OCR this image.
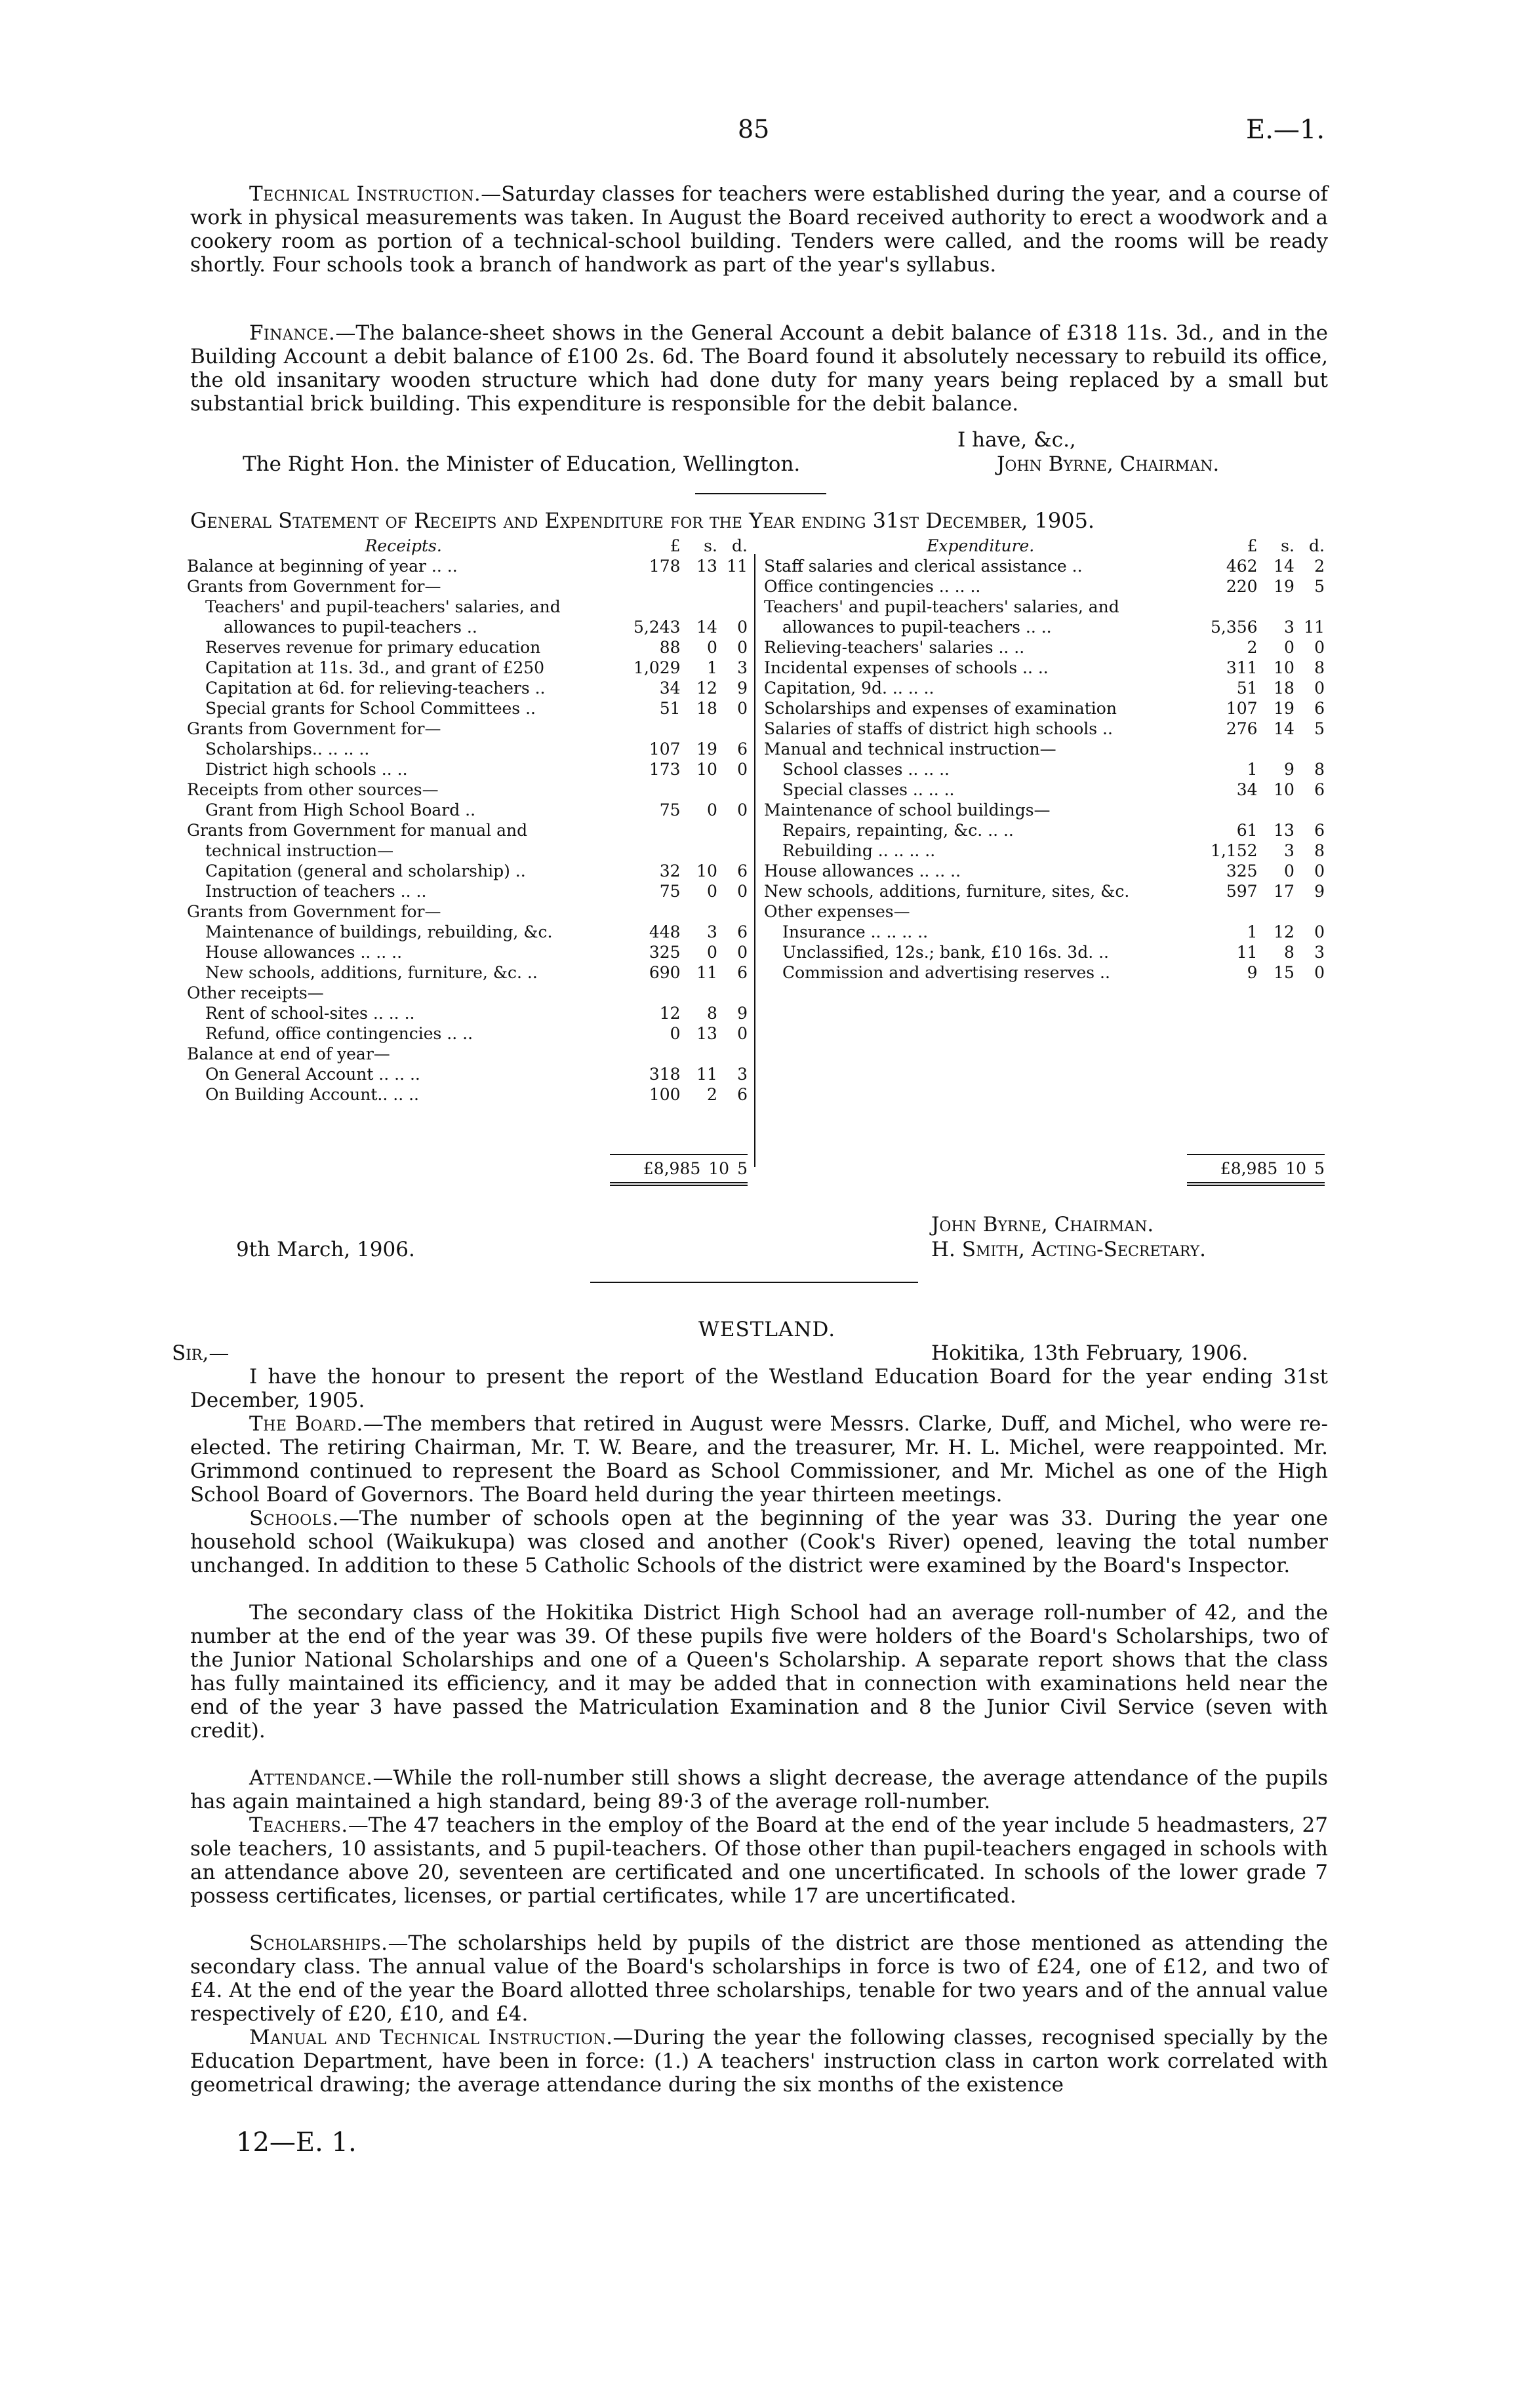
85	E.—1.

Technical Instruction.—Saturday classes for teachers were established during the year, and a course of work in physical measurements was taken. In August the Board received authority to erect a woodwork and a cookery room as portion of a technical-school building. Tenders were called, and the rooms will be ready shortly. Four schools took a branch of handwork as part of the year's syllabus.

Finance.—The balance-sheet shows in the General Account a debit balance of £318 11s. 3d., and in the Building Account a debit balance of £100 2s. 6d. The Board found it absolutely necessary to rebuild its office, the old insanitary wooden structure which had done duty for many years being replaced by a small but substantial brick building. This expenditure is responsible for the debit balance.

I have, &c.,
The Right Hon. the Minister of Education, Wellington.	John Byrne, Chairman.
General Statement of Receipts and Expenditure for the Year ending 31st December, 1905.
Receipts.	£	s.	d.
Balance at beginning of year .. ..	178	13	11
Grants from Government for—			
Teachers' and pupil-teachers' salaries, and			
allowances to pupil-teachers ..	5,243	14	0
Reserves revenue for primary education	88	0	0
Capitation at 11s. 3d., and grant of £250	1,029	1	3
Capitation at 6d. for relieving-teachers ..	34	12	9
Special grants for School Committees ..	51	18	0
Grants from Government for—			
Scholarships.. .. .. ..	107	19	6
District high schools .. ..	173	10	0
Receipts from other sources—			
Grant from High School Board ..	75	0	0
Grants from Government for manual and			
technical instruction—			
Capitation (general and scholarship) ..	32	10	6
Instruction of teachers .. ..	75	0	0
Grants from Government for—			
Maintenance of buildings, rebuilding, &c.	448	3	6
House allowances .. .. ..	325	0	0
New schools, additions, furniture, &c. ..	690	11	6
Other receipts—			
Rent of school-sites .. .. ..	12	8	9
Refund, office contingencies .. ..	0	13	0
Balance at end of year—			
On General Account .. .. ..	318	11	3
On Building Account.. .. ..	100	2	6
Expenditure.	£	s.	d.
Staff salaries and clerical assistance ..	462	14	2
Office contingencies .. .. ..	220	19	5
Teachers' and pupil-teachers' salaries, and			
allowances to pupil-teachers .. ..	5,356	3	11
Relieving-teachers' salaries .. ..	2	0	0
Incidental expenses of schools .. ..	311	10	8
Capitation, 9d. .. .. ..	51	18	0
Scholarships and expenses of examination	107	19	6
Salaries of staffs of district high schools ..	276	14	5
Manual and technical instruction—			
School classes .. .. ..	1	9	8
Special classes .. .. ..	34	10	6
Maintenance of school buildings—			
Repairs, repainting, &c. .. ..	61	13	6
Rebuilding .. .. .. ..	1,152	3	8
House allowances .. .. ..	325	0	0
New schools, additions, furniture, sites, &c.	597	17	9
Other expenses—			
Insurance .. .. .. ..	1	12	0
Unclassified, 12s.; bank, £10 16s. 3d. ..	11	8	3
Commission and advertising reserves ..	9	15	0
£8,985 10 5	£8,985 10 5
John Byrne, Chairman.
9th March, 1906.	H. Smith, Acting-Secretary.
WESTLAND.
Sir,—	Hokitika, 13th February, 1906.

I have the honour to present the report of the Westland Education Board for the year ending 31st December, 1905.

The Board.—The members that retired in August were Messrs. Clarke, Duff, and Michel, who were re-elected. The retiring Chairman, Mr. T. W. Beare, and the treasurer, Mr. H. L. Michel, were reappointed. Mr. Grimmond continued to represent the Board as School Commissioner, and Mr. Michel as one of the High School Board of Governors. The Board held during the year thirteen meetings.

Schools.—The number of schools open at the beginning of the year was 33. During the year one household school (Waikukupa) was closed and another (Cook's River) opened, leaving the total number unchanged. In addition to these 5 Catholic Schools of the district were examined by the Board's Inspector.

The secondary class of the Hokitika District High School had an average roll-number of 42, and the number at the end of the year was 39. Of these pupils five were holders of the Board's Scholarships, two of the Junior National Scholarships and one of a Queen's Scholarship. A separate report shows that the class has fully maintained its efficiency, and it may be added that in connection with examinations held near the end of the year 3 have passed the Matriculation Examination and 8 the Junior Civil Service (seven with credit).

Attendance.—While the roll-number still shows a slight decrease, the average attendance of the pupils has again maintained a high standard, being 89·3 of the average roll-number.

Teachers.—The 47 teachers in the employ of the Board at the end of the year include 5 headmasters, 27 sole teachers, 10 assistants, and 5 pupil-teachers. Of those other than pupil-teachers engaged in schools with an attendance above 20, seventeen are certificated and one uncertificated. In schools of the lower grade 7 possess certificates, licenses, or partial certificates, while 17 are uncertificated.

Scholarships.—The scholarships held by pupils of the district are those mentioned as attending the secondary class. The annual value of the Board's scholarships in force is two of £24, one of £12, and two of £4. At the end of the year the Board allotted three scholarships, tenable for two years and of the annual value respectively of £20, £10, and £4.

Manual and Technical Instruction.—During the year the following classes, recognised specially by the Education Department, have been in force: (1.) A teachers' instruction class in carton work correlated with geometrical drawing; the average attendance during the six months of the existence

12—E. 1.
